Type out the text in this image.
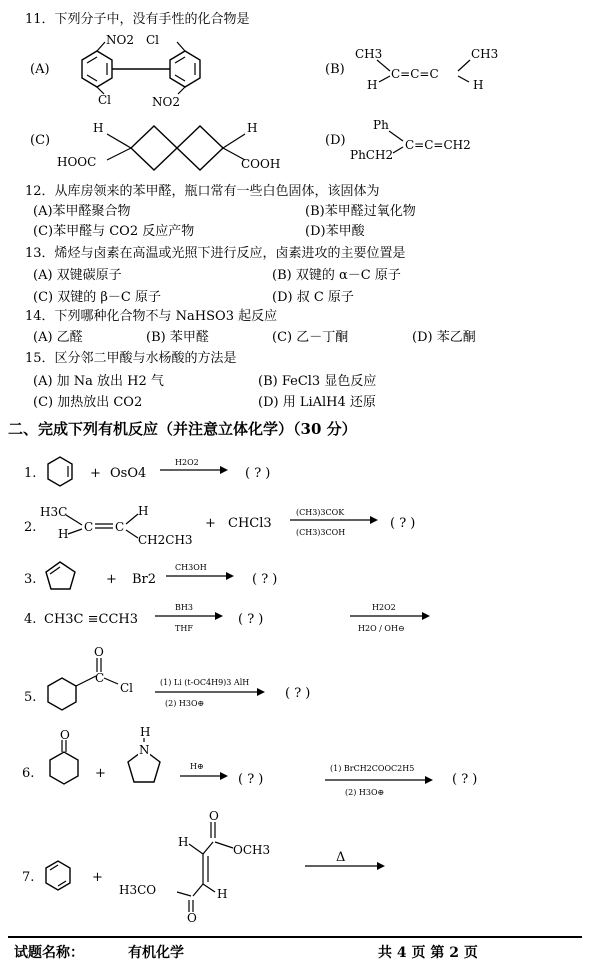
11．下列分子中，没有手性的化合物是
(A)
NO2 Cl
Cl	NO2
(B)
CH3
H
C=C=C
CH3
H
(C)
H	H
HOOC	COOH
(D)
Ph
PhCH2
C=C=CH2
12．从库房领来的苯甲醛，瓶口常有一些白色固体，该固体为
(A)苯甲醛聚合物	(B)苯甲醛过氧化物
(C)苯甲醛与 CO2 反应产物	(D)苯甲酸
13．烯烃与卤素在高温或光照下进行反应，卤素进攻的主要位置是
(A) 双键碳原子	(B) 双键的 α－C 原子
(C) 双键的 β－C 原子	(D) 叔 C 原子
14．下列哪种化合物不与 NaHSO3 起反应
(A) 乙醛	(B) 苯甲醛	(C) 乙－丁酮	(D) 苯乙酮
15．区分邻二甲酸与水杨酸的方法是
(A) 加 Na 放出 H2 气	(B) FeCl3 显色反应
(C) 加热放出 CO2	(D) 用 LiAlH4 还原
二、完成下列有机反应（并注意立体化学）（30 分）
1.	+ OsO4
H2O2
( ? )
2.
H3C
H C C
H
CH2CH3
+ CHCl3
(CH3)3COK
(CH3)3COH
( ? )
3.	+ Br2
CH3OH
( ? )
4. CH3C ≡CCH3
BH3
THF
( ? )
H2O2
H2O / OH⊖
5.
O
C
Cl	(1) Li (t-OC4H9)3 AlH
(2) H3O⊕
( ? )
6.
O
+
H
N
H⊕
→ ( ? )
(1) BrCH2COOC2H5
(2) H3O⊕
( ? )
7.	+
H
O
OCH3
H
H3CO
O
Δ
试题名称：	有机化学	共 4 页 第 2 页
